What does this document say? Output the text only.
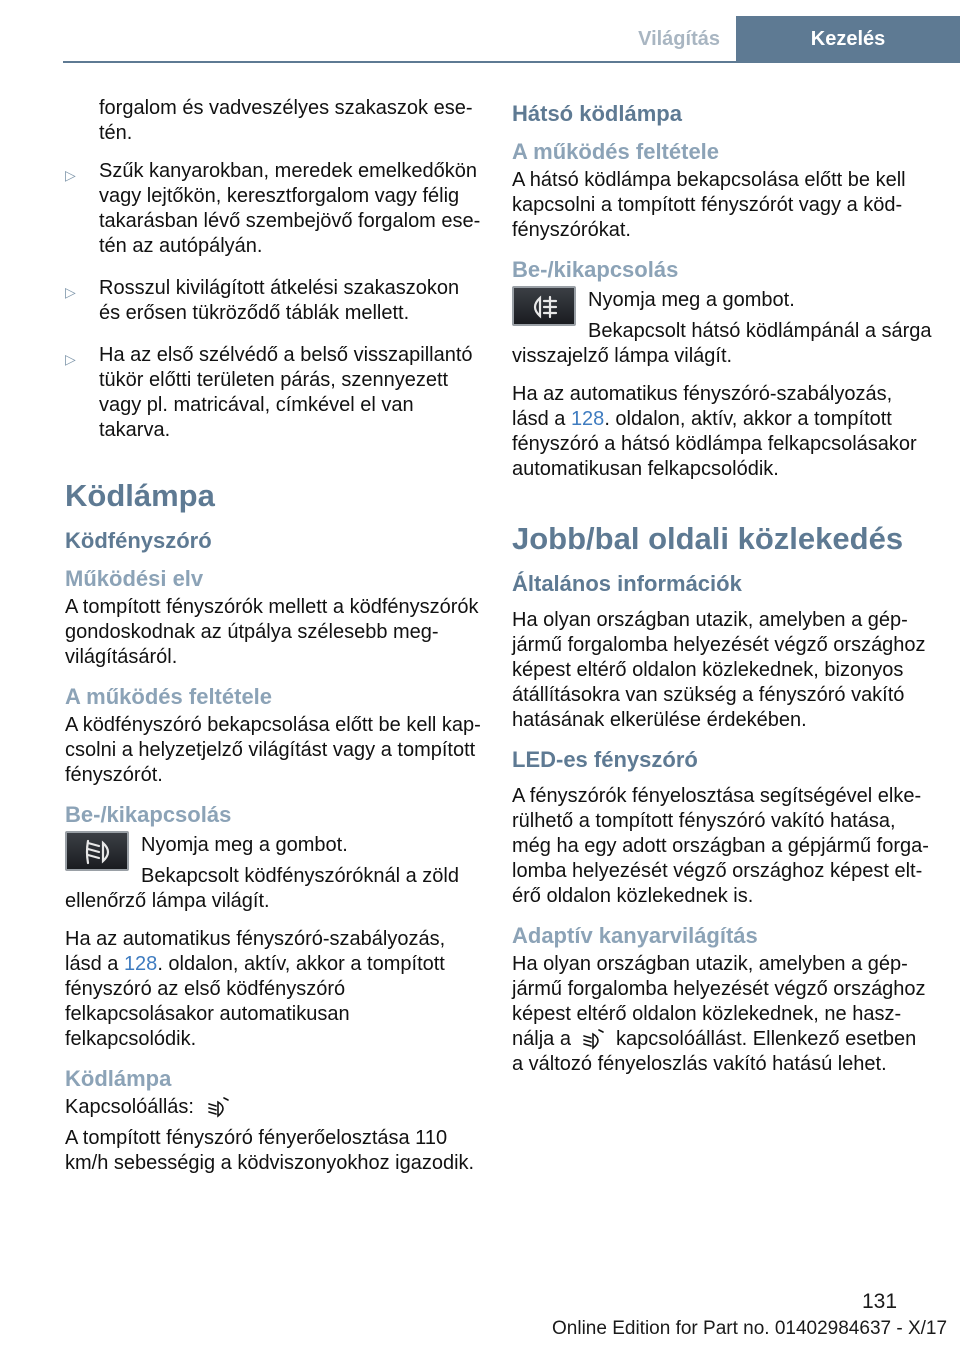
Világítás	Kezelés
forgalom és vadveszélyes szakaszok esetén.
▷ Szűk kanyarokban, meredek emelkedőkön vagy lejtőkön, keresztforgalom vagy félig takarásban lévő szembejövő forgalom esetén az autópályán.
▷ Rosszul kivilágított átkelési szakaszokon és erősen tükröződő táblák mellett.
▷ Ha az első szélvédő a belső visszapillantó tükör előtti területen párás, szennyezett vagy pl. matricával, címkével el van takarva.
Ködlámpa
Ködfényszóró
Működési elv

A tompított fényszórók mellett a ködfényszórók gondoskodnak az útpálya szélesebb megvilágításáról.

A működés feltétele

A ködfényszóró bekapcsolása előtt be kell kapcsolni a helyzetjelző világítást vagy a tompított fényszórót.

Be-/kikapcsolás
Nyomja meg a gombot.
Bekapcsolt ködfényszóróknál a zöld

ellenőrző lámpa világít.

Ha az automatikus fényszóró-szabályozás, lásd a 128. oldalon, aktív, akkor a tompított fényszóró az első ködfényszóró felkapcsolásakor automatikusan felkapcsolódik.

Ködlámpa

Kapcsolóállás:

A tompított fényszóró fényerőelosztása 110 km/h sebességig a ködviszonyokhoz igazodik.

Hátsó ködlámpa
A működés feltétele

A hátsó ködlámpa bekapcsolása előtt be kell kapcsolni a tompított fényszórót vagy a ködfényszórókat.

Be-/kikapcsolás
Nyomja meg a gombot.
Bekapcsolt hátsó ködlámpánál a sárga

visszajelző lámpa világít.

Ha az automatikus fényszóró-szabályozás, lásd a 128. oldalon, aktív, akkor a tompított fényszóró a hátsó ködlámpa felkapcsolásakor automatikusan felkapcsolódik.

Jobb/bal oldali közlekedés
Általános információk

Ha olyan országban utazik, amelyben a gépjármű forgalomba helyezését végző országhoz képest eltérő oldalon közlekednek, bizonyos átállításokra van szükség a fényszóró vakító hatásának elkerülése érdekében.

LED-es fényszóró

A fényszórók fényelosztása segítségével elkerülhető a tompított fényszóró vakító hatása, még ha egy adott országban a gépjármű forgalomba helyezését végző országhoz képest eltérő oldalon közlekednek is.

Adaptív kanyarvilágítás

Ha olyan országban utazik, amelyben a gépjármű forgalomba helyezését végző országhoz képest eltérő oldalon közlekednek, ne használja a  kapcsolóállást. Ellenkező esetben a változó fényeloszlás vakító hatású lehet.

131
Online Edition for Part no. 01402984637 - X/17
